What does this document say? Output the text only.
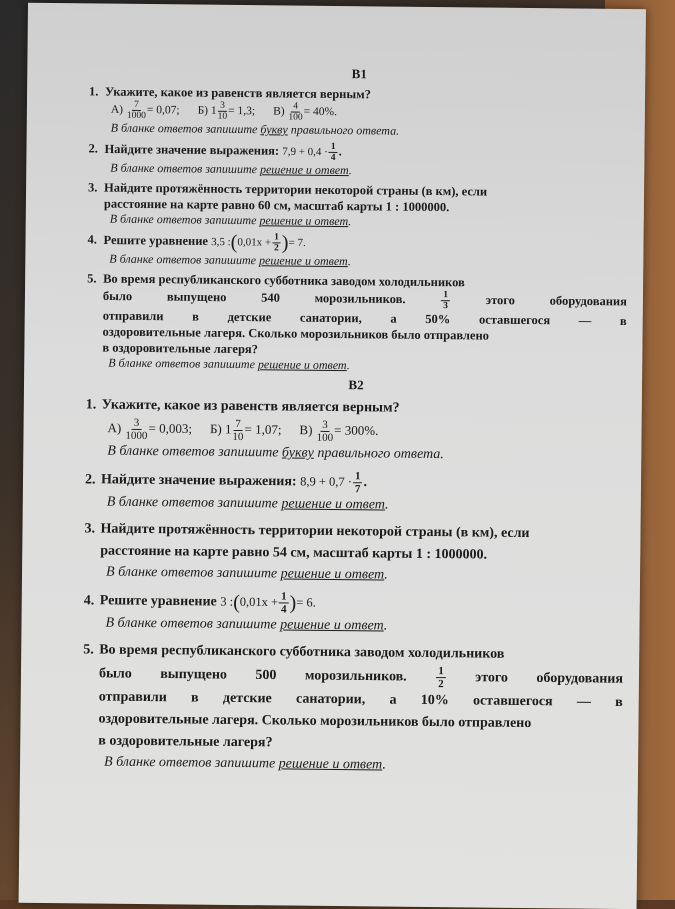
В1

1. Укажите, какое из равенств является верным?

$А) \frac{7}{1000} = 0,07$; Б) $1 \frac{3}{10} = 1,3$; $В) \frac{4}{100} = 40\%$.

В бланке ответов запишите букву правильного ответа.

2. Найдите значение выражения: $7,9 + 0,4 \cdot \frac{1}{4}$ .

В бланке ответов запишите решение и ответ.

3. Найдите протяжённость территории некоторой страны (в км), если
расстояние на карте равно 60 см, масштаб карты 1 : 1000000.

В бланке ответов запишите решение и ответ.

4. Решите уравнение 3,5 :(0,01x + $\frac{1}{2}$ )= 7.

В бланке ответов запишите решение и ответ.

5. Во время республиканского субботника заводом холодильников

было выпущено 540 морозильников.	$\frac{1}{3}$	этого оборудования

отправили в детские санатории, а 50% оставшегося — в

оздоровительные лагеря. Сколько морозильников было отправлено

в оздоровительные лагеря?

В бланке ответов запишите решение и ответ.

В2

1. Укажите, какое из равенств является верным?

$А) \frac{3}{1000} = 0,003$; Б) $1 \frac{7}{10} = 1,07$; $В) \frac{3}{100} = 300\%$.

В бланке ответов запишите букву правильного ответа.

2. Найдите значение выражения: $8,9 + 0,7 \cdot \frac{1}{7}$ .

В бланке ответов запишите решение и ответ.

3. Найдите протяжённость территории некоторой страны (в км), если
расстояние на карте равно 54 см, масштаб карты 1 : 1000000.

В бланке ответов запишите решение и ответ.

4. Решите уравнение 3 :(0,01x + $\frac{1}{4}$ )= 6.

В бланке ответов запишите решение и ответ.

5. Во время республиканского субботника заводом холодильников

было выпущено 500 морозильников.	$\frac{1}{2}$ этого оборудования

отправили в детские санатории, а 10% оставшегося — в

оздоровительные лагеря. Сколько морозильников было отправлено

в оздоровительные лагеря?

В бланке ответов запишите решение и ответ.
